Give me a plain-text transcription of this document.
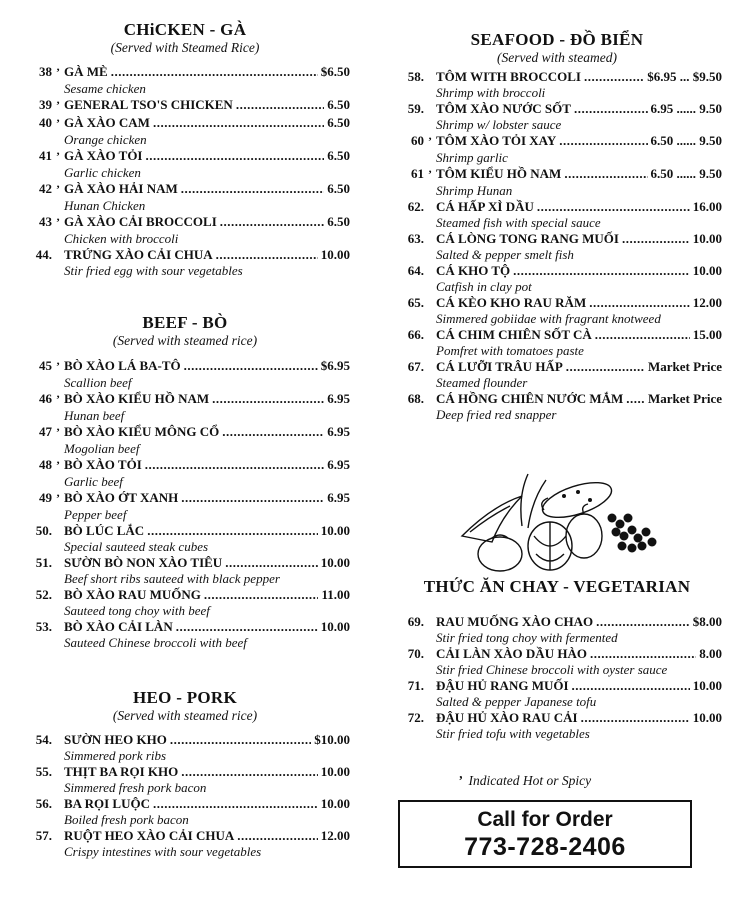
CHiCKEN - GÀ
(Served with Steamed Rice)
38 ’ GÀ MÈ .....	$6.50
Sesame chicken
39 ’ GENERAL TSO'S CHICKEN .....	6.50
40 ’ GÀ XÀO CAM .....	6.50
Orange chicken
41 ’ GÀ XÀO TỎI .....	6.50
Garlic chicken
42 ’ GÀ XÀO HẢI NAM .....	6.50
Hunan Chicken
43 ’ GÀ XÀO CẢI BROCCOLI .....	6.50
Chicken with broccoli
44. TRỨNG XÀO CẢI CHUA .....	10.00
Stir fried egg with sour vegetables
BEEF - BÒ
(Served with steamed rice)
45 ’ BÒ XÀO LÁ BA-TÔ .....	$6.95
Scallion beef
46 ’ BÒ XÀO KIỂU HỒ NAM .....	6.95
Hunan beef
47 ’ BÒ XÀO KIỂU MÔNG CỔ .....	6.95
Mogolian beef
48 ’ BÒ XÀO TỎI .....	6.95
Garlic beef
49 ’ BÒ XÀO ỚT XANH .....	6.95
Pepper beef
50. BÒ LÚC LẮC .....	10.00
Special sauteed steak cubes
51. SƯỜN BÒ NON XÀO TIÊU .....	10.00
Beef short ribs sauteed with black pepper
52. BÒ XÀO RAU MUỐNG .....	11.00
Sauteed tong choy with beef
53. BÒ XÀO CẢI LÀN .....	10.00
Sauteed Chinese broccoli with beef
HEO - PORK
(Served with steamed rice)
54. SƯỜN HEO KHO .....	$10.00
Simmered pork ribs
55. THỊT BA RỌI KHO .....	10.00
Simmered fresh pork bacon
56. BA RỌI LUỘC .....	10.00
Boiled fresh pork bacon
57. RUỘT HEO XÀO CẢI CHUA .....	12.00
Crispy intestines with sour vegetables
SEAFOOD - ĐỒ BIỂN
(Served with steamed)
58. TÔM WITH BROCCOLI .....	$6.95 ... $9.50
Shrimp with broccoli
59. TÔM XÀO NƯỚC SỐT .....	6.95 ...... 9.50
Shrimp w/ lobster sauce
60 ’ TÔM XÀO TỎI XAY .....	6.50 ...... 9.50
Shrimp garlic
61 ’ TÔM KIỂU HỒ NAM .....	6.50 ...... 9.50
Shrimp Hunan
62. CÁ HẤP XÌ DẦU .....	16.00
Steamed fish with special sauce
63. CÁ LÒNG TONG RANG MUỐI .....	10.00
Salted & pepper smelt fish
64. CÁ KHO TỘ .....	10.00
Catfish in clay pot
65. CÁ KÈO KHO RAU RĂM .....	12.00
Simmered gobiidae with fragrant knotweed
66. CÁ CHIM CHIÊN SỐT CÀ .....	15.00
Pomfret with tomatoes paste
67. CÁ LƯỠI TRÂU HẤP .....	Market Price
Steamed flounder
68. CÁ HỒNG CHIÊN NƯỚC MẮM ..... Market Price
Deep fried red snapper
THỨC ĂN CHAY - VEGETARIAN
69. RAU MUỐNG XÀO CHAO .....	$8.00
Stir fried tong choy with fermented
70. CẢI LÀN XÀO DẦU HÀO .....	8.00
Stir fried Chinese broccoli with oyster sauce
71. ĐẬU HỦ RANG MUỐI .....	10.00
Salted & pepper Japanese tofu
72. ĐẬU HỦ XÀO RAU CẢI .....	10.00
Stir fried tofu with vegetables
’ Indicated Hot or Spicy
Call for Order
773-728-2406
